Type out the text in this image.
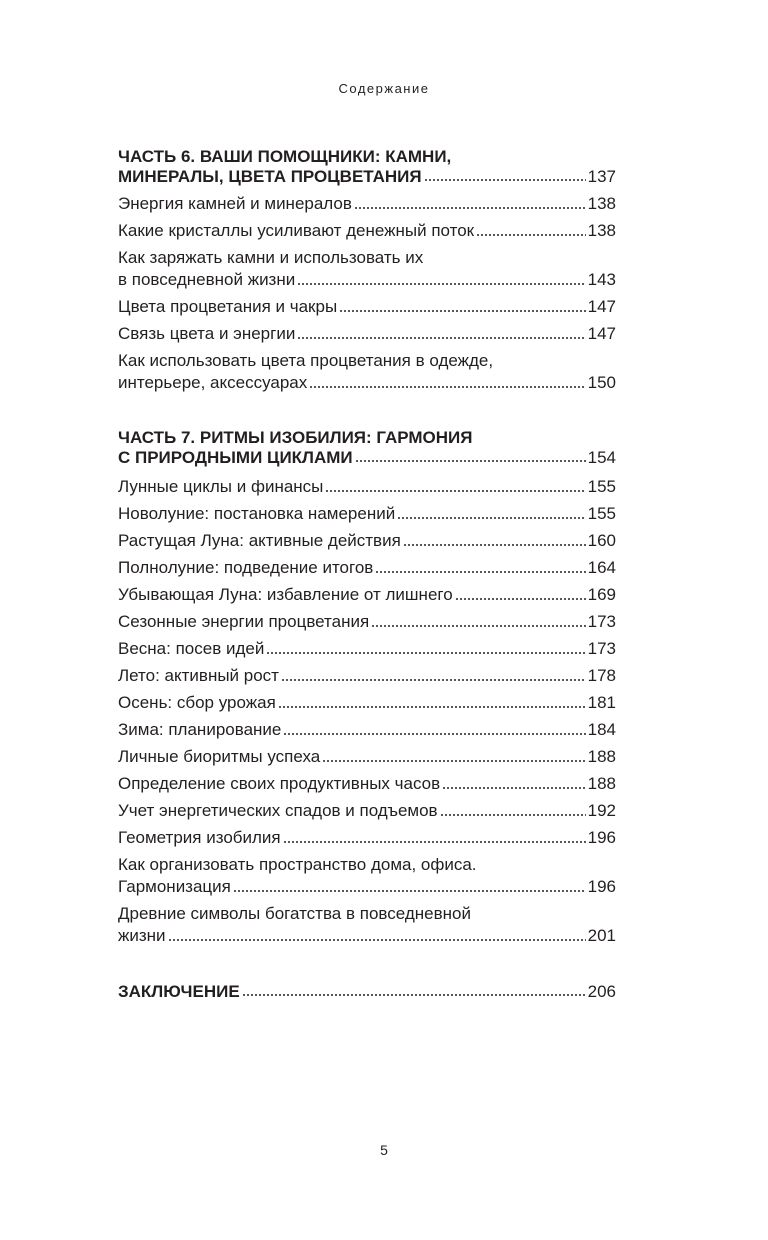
Содержание
ЧАСТЬ 6. ВАШИ ПОМОЩНИКИ: КАМНИ,
МИНЕРАЛЫ, ЦВЕТА ПРОЦВЕТАНИЯ	137
Энергия камней и минералов	138
Какие кристаллы усиливают денежный поток	138
Как заряжать камни и использовать их
в повседневной жизни	143
Цвета процветания и чакры	147
Связь цвета и энергии	147
Как использовать цвета процветания в одежде,
интерьере, аксессуарах	150
ЧАСТЬ 7. РИТМЫ ИЗОБИЛИЯ: ГАРМОНИЯ
С ПРИРОДНЫМИ ЦИКЛАМИ	154
Лунные циклы и финансы	155
Новолуние: постановка намерений	155
Растущая Луна: активные действия	160
Полнолуние: подведение итогов	164
Убывающая Луна: избавление от лишнего	169
Сезонные энергии процветания	173
Весна: посев идей	173
Лето: активный рост	178
Осень: сбор урожая	181
Зима: планирование	184
Личные биоритмы успеха	188
Определение своих продуктивных часов	188
Учет энергетических спадов и подъемов	192
Геометрия изобилия	196
Как организовать пространство дома, офиса.
Гармонизация	196
Древние символы богатства в повседневной
жизни	201
ЗАКЛЮЧЕНИЕ	206
5
